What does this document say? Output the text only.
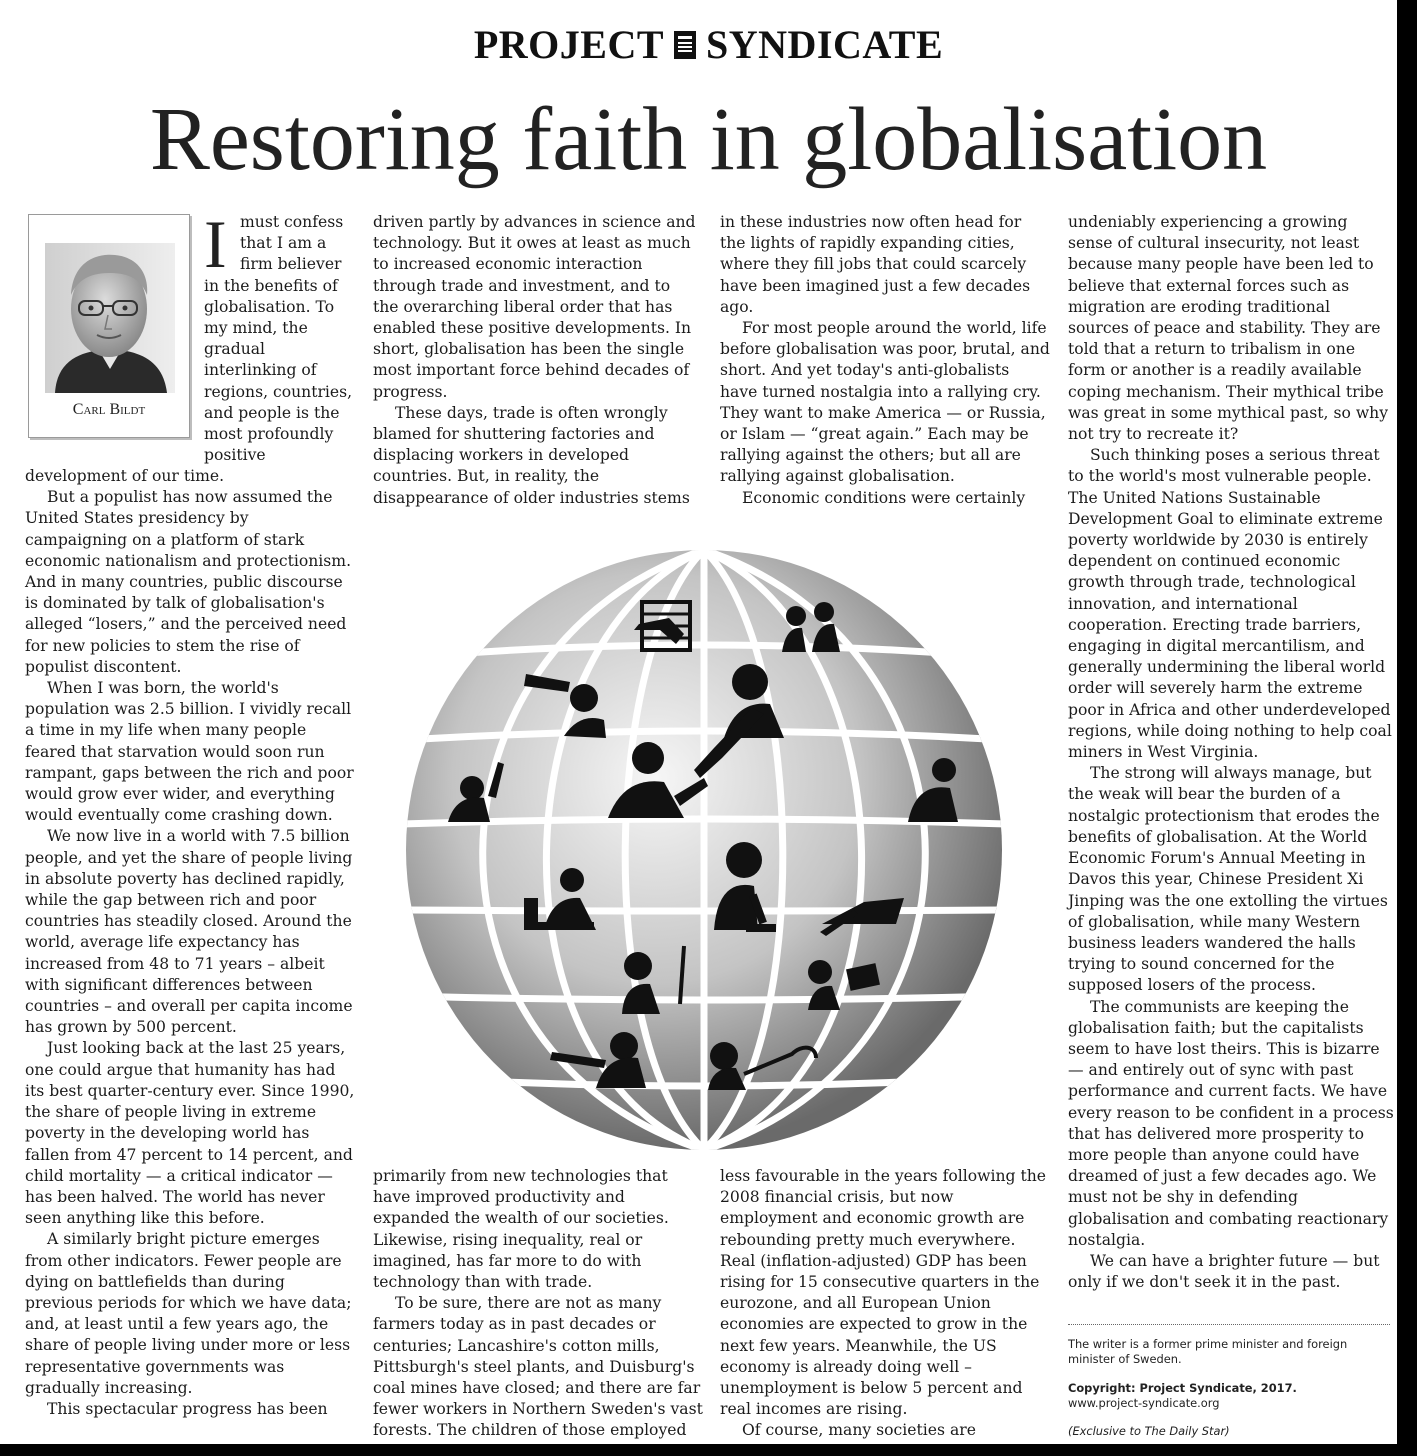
PROJECT SYNDICATE
Restoring faith in globalisation
Carl Bildt
I must confess
that I am a
firm believer
in the benefits of
globalisation. To
my mind, the
gradual
interlinking of
regions, countries,
and people is the
most profoundly
positive

development of our time.

But a populist has now assumed the United States presidency by campaigning on a platform of stark economic nationalism and protectionism. And in many countries, public discourse is dominated by talk of globalisation's alleged “losers,” and the perceived need for new policies to stem the rise of populist discontent.

When I was born, the world's population was 2.5 billion. I vividly recall a time in my life when many people feared that starvation would soon run rampant, gaps between the rich and poor would grow ever wider, and everything would eventually come crashing down.

We now live in a world with 7.5 billion people, and yet the share of people living in absolute poverty has declined rapidly, while the gap between rich and poor countries has steadily closed. Around the world, average life expectancy has increased from 48 to 71 years – albeit with significant differences between countries – and overall per capita income has grown by 500 percent.

Just looking back at the last 25 years, one could argue that humanity has had its best quarter-century ever. Since 1990, the share of people living in extreme poverty in the developing world has fallen from 47 percent to 14 percent, and child mortality — a critical indicator — has been halved. The world has never seen anything like this before.

A similarly bright picture emerges from other indicators. Fewer people are dying on battlefields than during previous periods for which we have data; and, at least until a few years ago, the share of people living under more or less representative governments was gradually increasing.

This spectacular progress has been

driven partly by advances in science and technology. But it owes at least as much to increased economic interaction through trade and investment, and to the overarching liberal order that has enabled these positive developments. In short, globalisation has been the single most important force behind decades of progress.

These days, trade is often wrongly blamed for shuttering factories and displacing workers in developed countries. But, in reality, the disappearance of older industries stems

in these industries now often head for the lights of rapidly expanding cities, where they fill jobs that could scarcely have been imagined just a few decades ago.

For most people around the world, life before globalisation was poor, brutal, and short. And yet today's anti-globalists have turned nostalgia into a rallying cry. They want to make America — or Russia, or Islam — “great again.” Each may be rallying against the others; but all are rallying against globalisation.

Economic conditions were certainly

primarily from new technologies that have improved productivity and expanded the wealth of our societies. Likewise, rising inequality, real or imagined, has far more to do with technology than with trade.

To be sure, there are not as many farmers today as in past decades or centuries; Lancashire's cotton mills, Pittsburgh's steel plants, and Duisburg's coal mines have closed; and there are far fewer workers in Northern Sweden's vast forests. The children of those employed

less favourable in the years following the 2008 financial crisis, but now employment and economic growth are rebounding pretty much everywhere. Real (inflation-adjusted) GDP has been rising for 15 consecutive quarters in the eurozone, and all European Union economies are expected to grow in the next few years. Meanwhile, the US economy is already doing well – unemployment is below 5 percent and real incomes are rising.

Of course, many societies are

undeniably experiencing a growing sense of cultural insecurity, not least because many people have been led to believe that external forces such as migration are eroding traditional sources of peace and stability. They are told that a return to tribalism in one form or another is a readily available coping mechanism. Their mythical tribe was great in some mythical past, so why not try to recreate it?

Such thinking poses a serious threat to the world's most vulnerable people. The United Nations Sustainable Development Goal to eliminate extreme poverty worldwide by 2030 is entirely dependent on continued economic growth through trade, technological innovation, and international cooperation. Erecting trade barriers, engaging in digital mercantilism, and generally undermining the liberal world order will severely harm the extreme poor in Africa and other underdeveloped regions, while doing nothing to help coal miners in West Virginia.

The strong will always manage, but the weak will bear the burden of a nostalgic protectionism that erodes the benefits of globalisation. At the World Economic Forum's Annual Meeting in Davos this year, Chinese President Xi Jinping was the one extolling the virtues of globalisation, while many Western business leaders wandered the halls trying to sound concerned for the supposed losers of the process.

The communists are keeping the globalisation faith; but the capitalists seem to have lost theirs. This is bizarre — and entirely out of sync with past performance and current facts. We have every reason to be confident in a process that has delivered more prosperity to more people than anyone could have dreamed of just a few decades ago. We must not be shy in defending globalisation and combating reactionary nostalgia.

We can have a brighter future — but only if we don't seek it in the past.

The writer is a former prime minister and foreign minister of Sweden.
Copyright: Project Syndicate, 2017.
www.project-syndicate.org
(Exclusive to The Daily Star)
